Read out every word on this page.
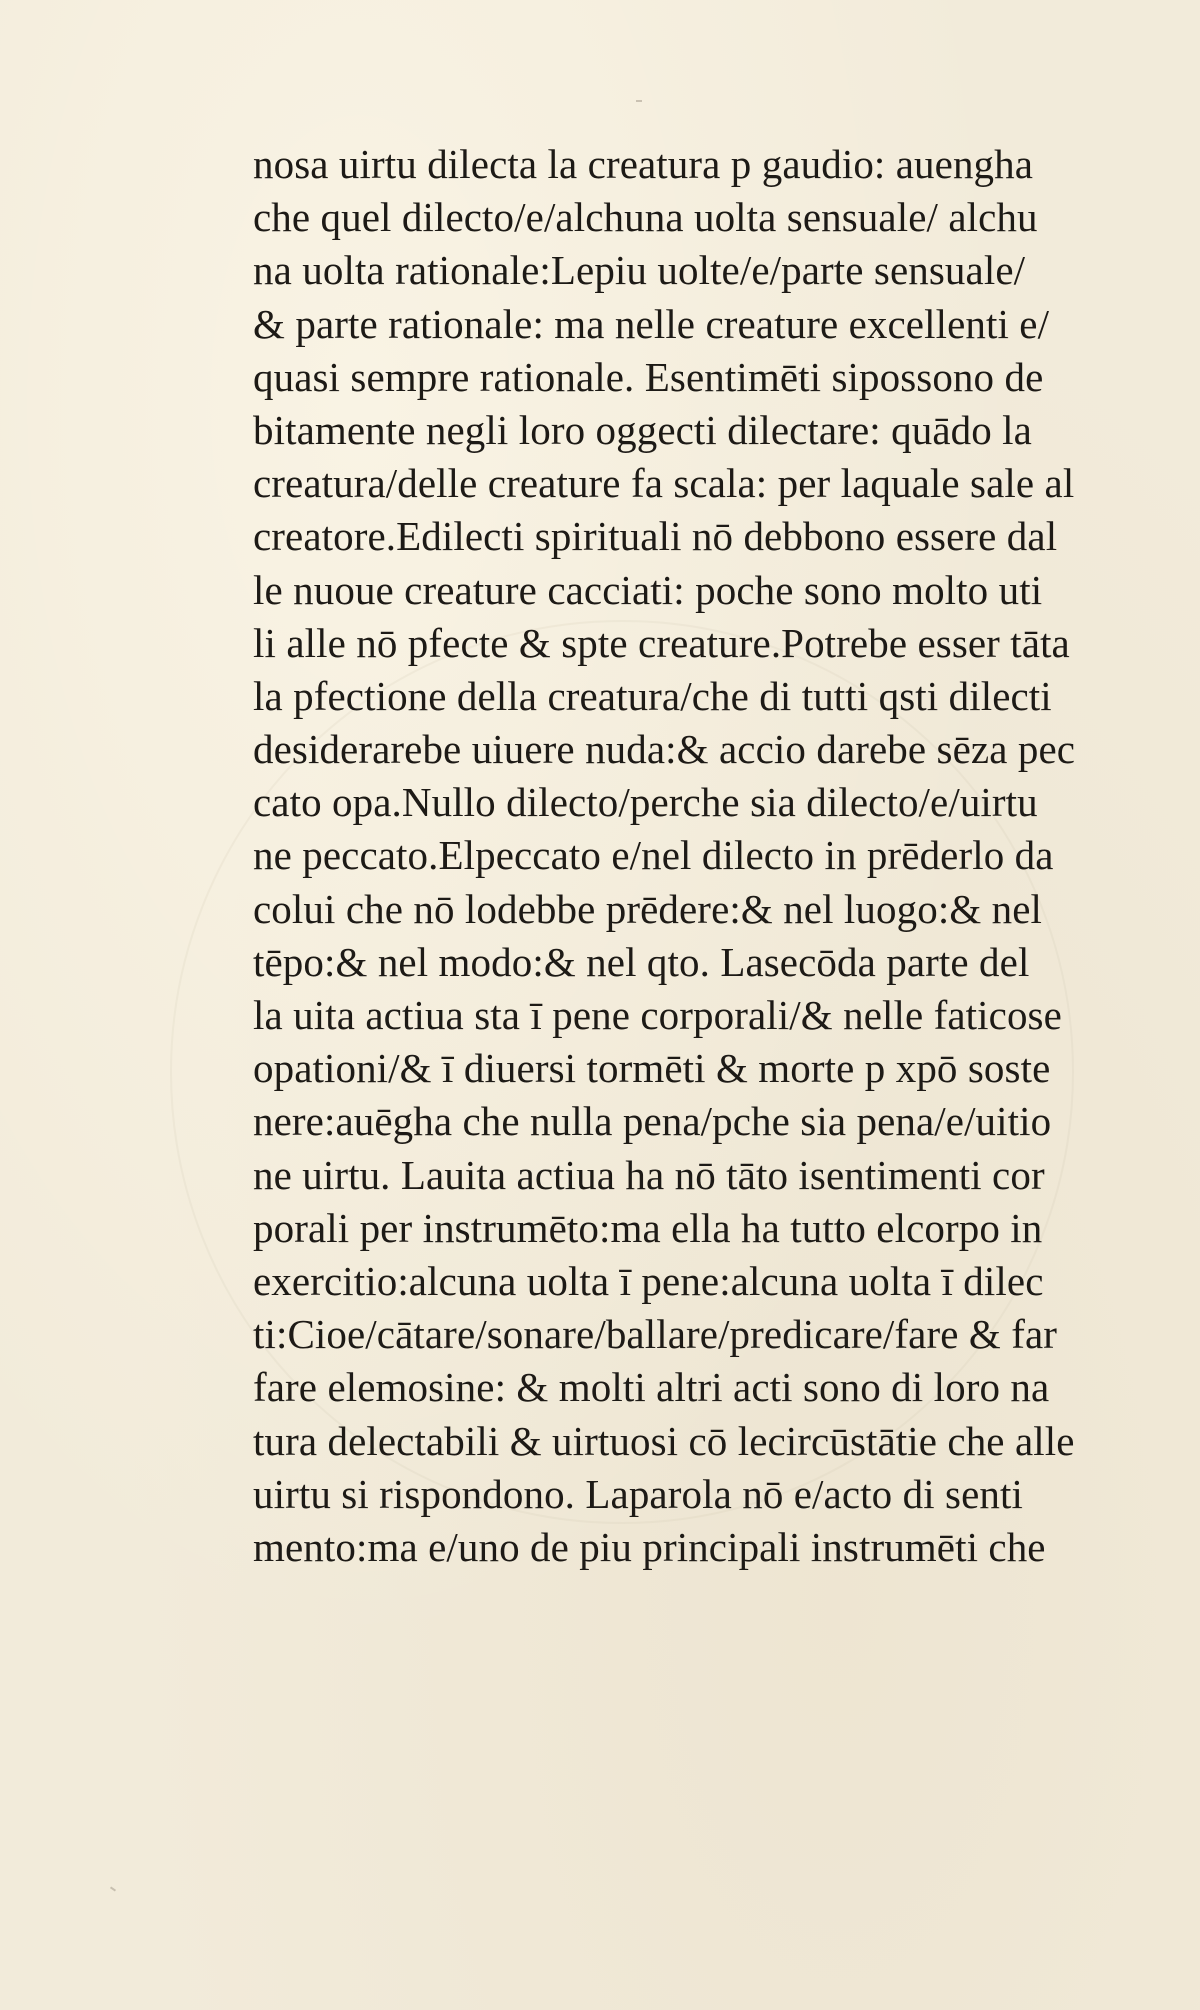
nosa uirtu dilecta la creatura p gaudio: auengha
che quel dilecto/e/alchuna uolta sensuale/ alchu
na uolta rationale:Lepiu uolte/e/parte sensuale/
& parte rationale: ma nelle creature excellenti e/
quasi sempre rationale. Esentimēti sipossono de
bitamente negli loro oggecti dilectare: quādo la
creatura/delle creature fa scala: per laquale sale al
creatore.Edilecti spirituali nō debbono essere dal
le nuoue creature cacciati: poche sono molto uti
li alle nō pfecte & spte creature.Potrebe esser tāta
la pfectione della creatura/che di tutti qsti dilecti
desiderarebe uiuere nuda:& accio darebe sēza pec
cato opa.Nullo dilecto/perche sia dilecto/e/uirtu
ne peccato.Elpeccato e/nel dilecto in prēderlo da
colui che nō lodebbe prēdere:& nel luogo:& nel
tēpo:& nel modo:& nel qto. Lasecōda parte del
la uita actiua sta ī pene corporali/& nelle faticose
opationi/& ī diuersi tormēti & morte p xpō soste
nere:auēgha che nulla pena/pche sia pena/e/uitio
ne uirtu. Lauita actiua ha nō tāto isentimenti cor
porali per instrumēto:ma ella ha tutto elcorpo in
exercitio:alcuna uolta ī pene:alcuna uolta ī dilec
ti:Cioe/cātare/sonare/ballare/predicare/fare & far
fare elemosine: & molti altri acti sono di loro na
tura delectabili & uirtuosi cō lecircūstātie che alle
uirtu si rispondono. Laparola nō e/acto di senti
mento:ma e/uno de piu principali instrumēti che
